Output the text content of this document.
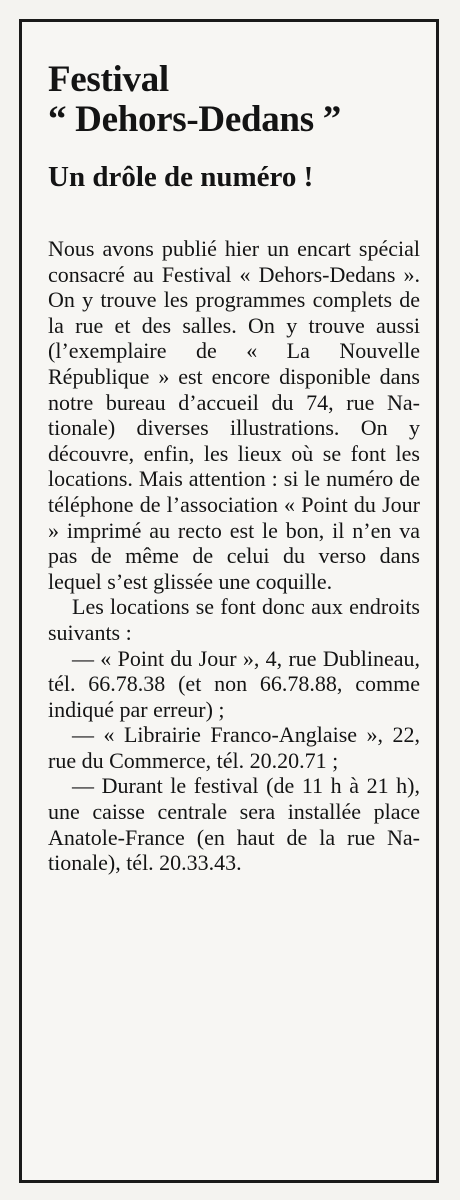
Festival
“ Dehors-Dedans ”
Un drôle de numéro !

Nous avons publié hier un encart spécial consacré au Festival « Dehors-Dedans ». On y trouve les programmes complets de la rue et des salles. On y trouve aussi (l’exemplaire de « La Nouvelle République » est encore disponible dans notre bureau d’accueil du 74, rue Nationale) diverses illustrations. On y découvre, enfin, les lieux où se font les locations. Mais attention : si le numéro de téléphone de l’association « Point du Jour » imprimé au recto est le bon, il n’en va pas de même de celui du verso dans lequel s’est glissée une coquille.

Les locations se font donc aux endroits suivants :

— « Point du Jour », 4, rue Dublineau, tél. 66.78.38 (et non 66.78.88, comme indiqué par erreur) ;

— « Librairie Franco-Anglaise », 22, rue du Commerce, tél. 20.20.71 ;

— Durant le festival (de 11 h à 21 h), une caisse centrale sera installée place Anatole-France (en haut de la rue Nationale), tél. 20.33.43.
